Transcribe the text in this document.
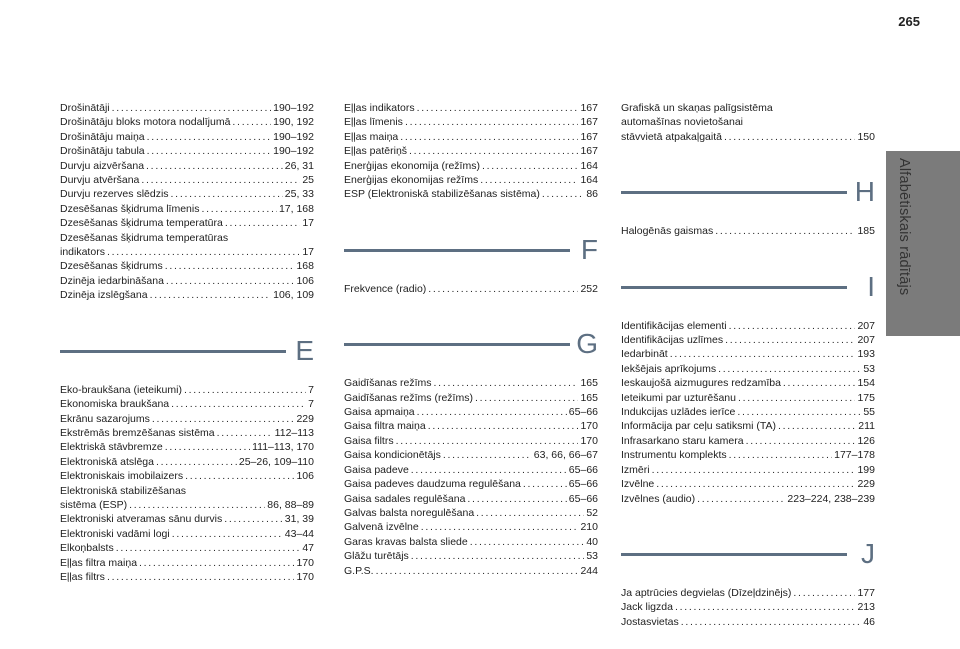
265
Alfabētiskais rādītājs
Drošinātāji . . .	190–192
Drošinātāju bloks motora nodalījumā . . .	190, 192
Drošinātāju maiņa . . .	190–192
Drošinātāju tabula . . .	190–192
Durvju aizvēršana . . .	26, 31
Durvju atvēršana . . .	25
Durvju rezerves slēdzis . . .	25, 33
Dzesēšanas šķidruma līmenis . . .	17, 168
Dzesēšanas šķidruma temperatūra . . .	17
Dzesēšanas šķidruma temperatūras
indikators . . .	17
Dzesēšanas šķidrums . . .	168
Dzinēja iedarbināšana . . .	106
Dzinēja izslēgšana . . .	106, 109
E
Eko-braukšana (ieteikumi) . . .	7
Ekonomiska braukšana . . .	7
Ekrānu sazarojums . . .	229
Ekstrēmās bremzēšanas sistēma . . .	112–113
Elektriskā stāvbremze . . .	111–113, 170
Elektroniskā atslēga . . .	25–26, 109–110
Elektroniskais imobilaizers . . .	106
Elektroniskā stabilizēšanas
sistēma (ESP) . . .	86, 88–89
Elektroniski atveramas sānu durvis . . .	31, 39
Elektroniski vadāmi logi . . .	43–44
Elkoņbalsts . . .	47
Eļļas filtra maiņa . . .	170
Eļļas filtrs . . .	170
Eļļas indikators . . .	167
Eļļas līmenis . . .	167
Eļļas maiņa . . .	167
Eļļas patēriņš . . .	167
Enerģijas ekonomija (režīms) . . .	164
Enerģijas ekonomijas režīms . . .	164
ESP (Elektroniskā stabilizēšanas sistēma) . . .	86
F
Frekvence (radio) . . .	252
G
Gaidīšanas režīms . . .	165
Gaidīšanas režīms (režīms) . . .	165
Gaisa apmaiņa . . .	65–66
Gaisa filtra maiņa . . .	170
Gaisa filtrs . . .	170
Gaisa kondicionētājs . . .	63, 66, 66–67
Gaisa padeve . . .	65–66
Gaisa padeves daudzuma regulēšana . . .	65–66
Gaisa sadales regulēšana . . .	65–66
Galvas balsta noregulēšana . . .	52
Galvenā izvēlne . . .	210
Garas kravas balsta sliede . . .	40
Glāžu turētājs . . .	53
G.P.S. . . .	244
Grafiskā un skaņas palīgsistēma
automašīnas novietošanai
stāvvietā atpakaļgaitā . . .	150
H
Halogēnās gaismas . . .	185
I
Identifikācijas elementi . . .	207
Identifikācijas uzlīmes . . .	207
Iedarbināt . . .	193
Iekšējais aprīkojums . . .	53
Ieskaujošā aizmugures redzamība . . .	154
Ieteikumi par uzturēšanu . . .	175
Indukcijas uzlādes ierīce . . .	55
Informācija par ceļu satiksmi (TA) . . .	211
Infrasarkano staru kamera . . .	126
Instrumentu komplekts . . .	177–178
Izmēri . . .	199
Izvēlne . . .	229
Izvēlnes (audio) . . .	223–224, 238–239
J
Ja aptrūcies degvielas (Dīzeļdzinējs) . . .	177
Jack ligzda . . .	213
Jostasvietas . . .	46
